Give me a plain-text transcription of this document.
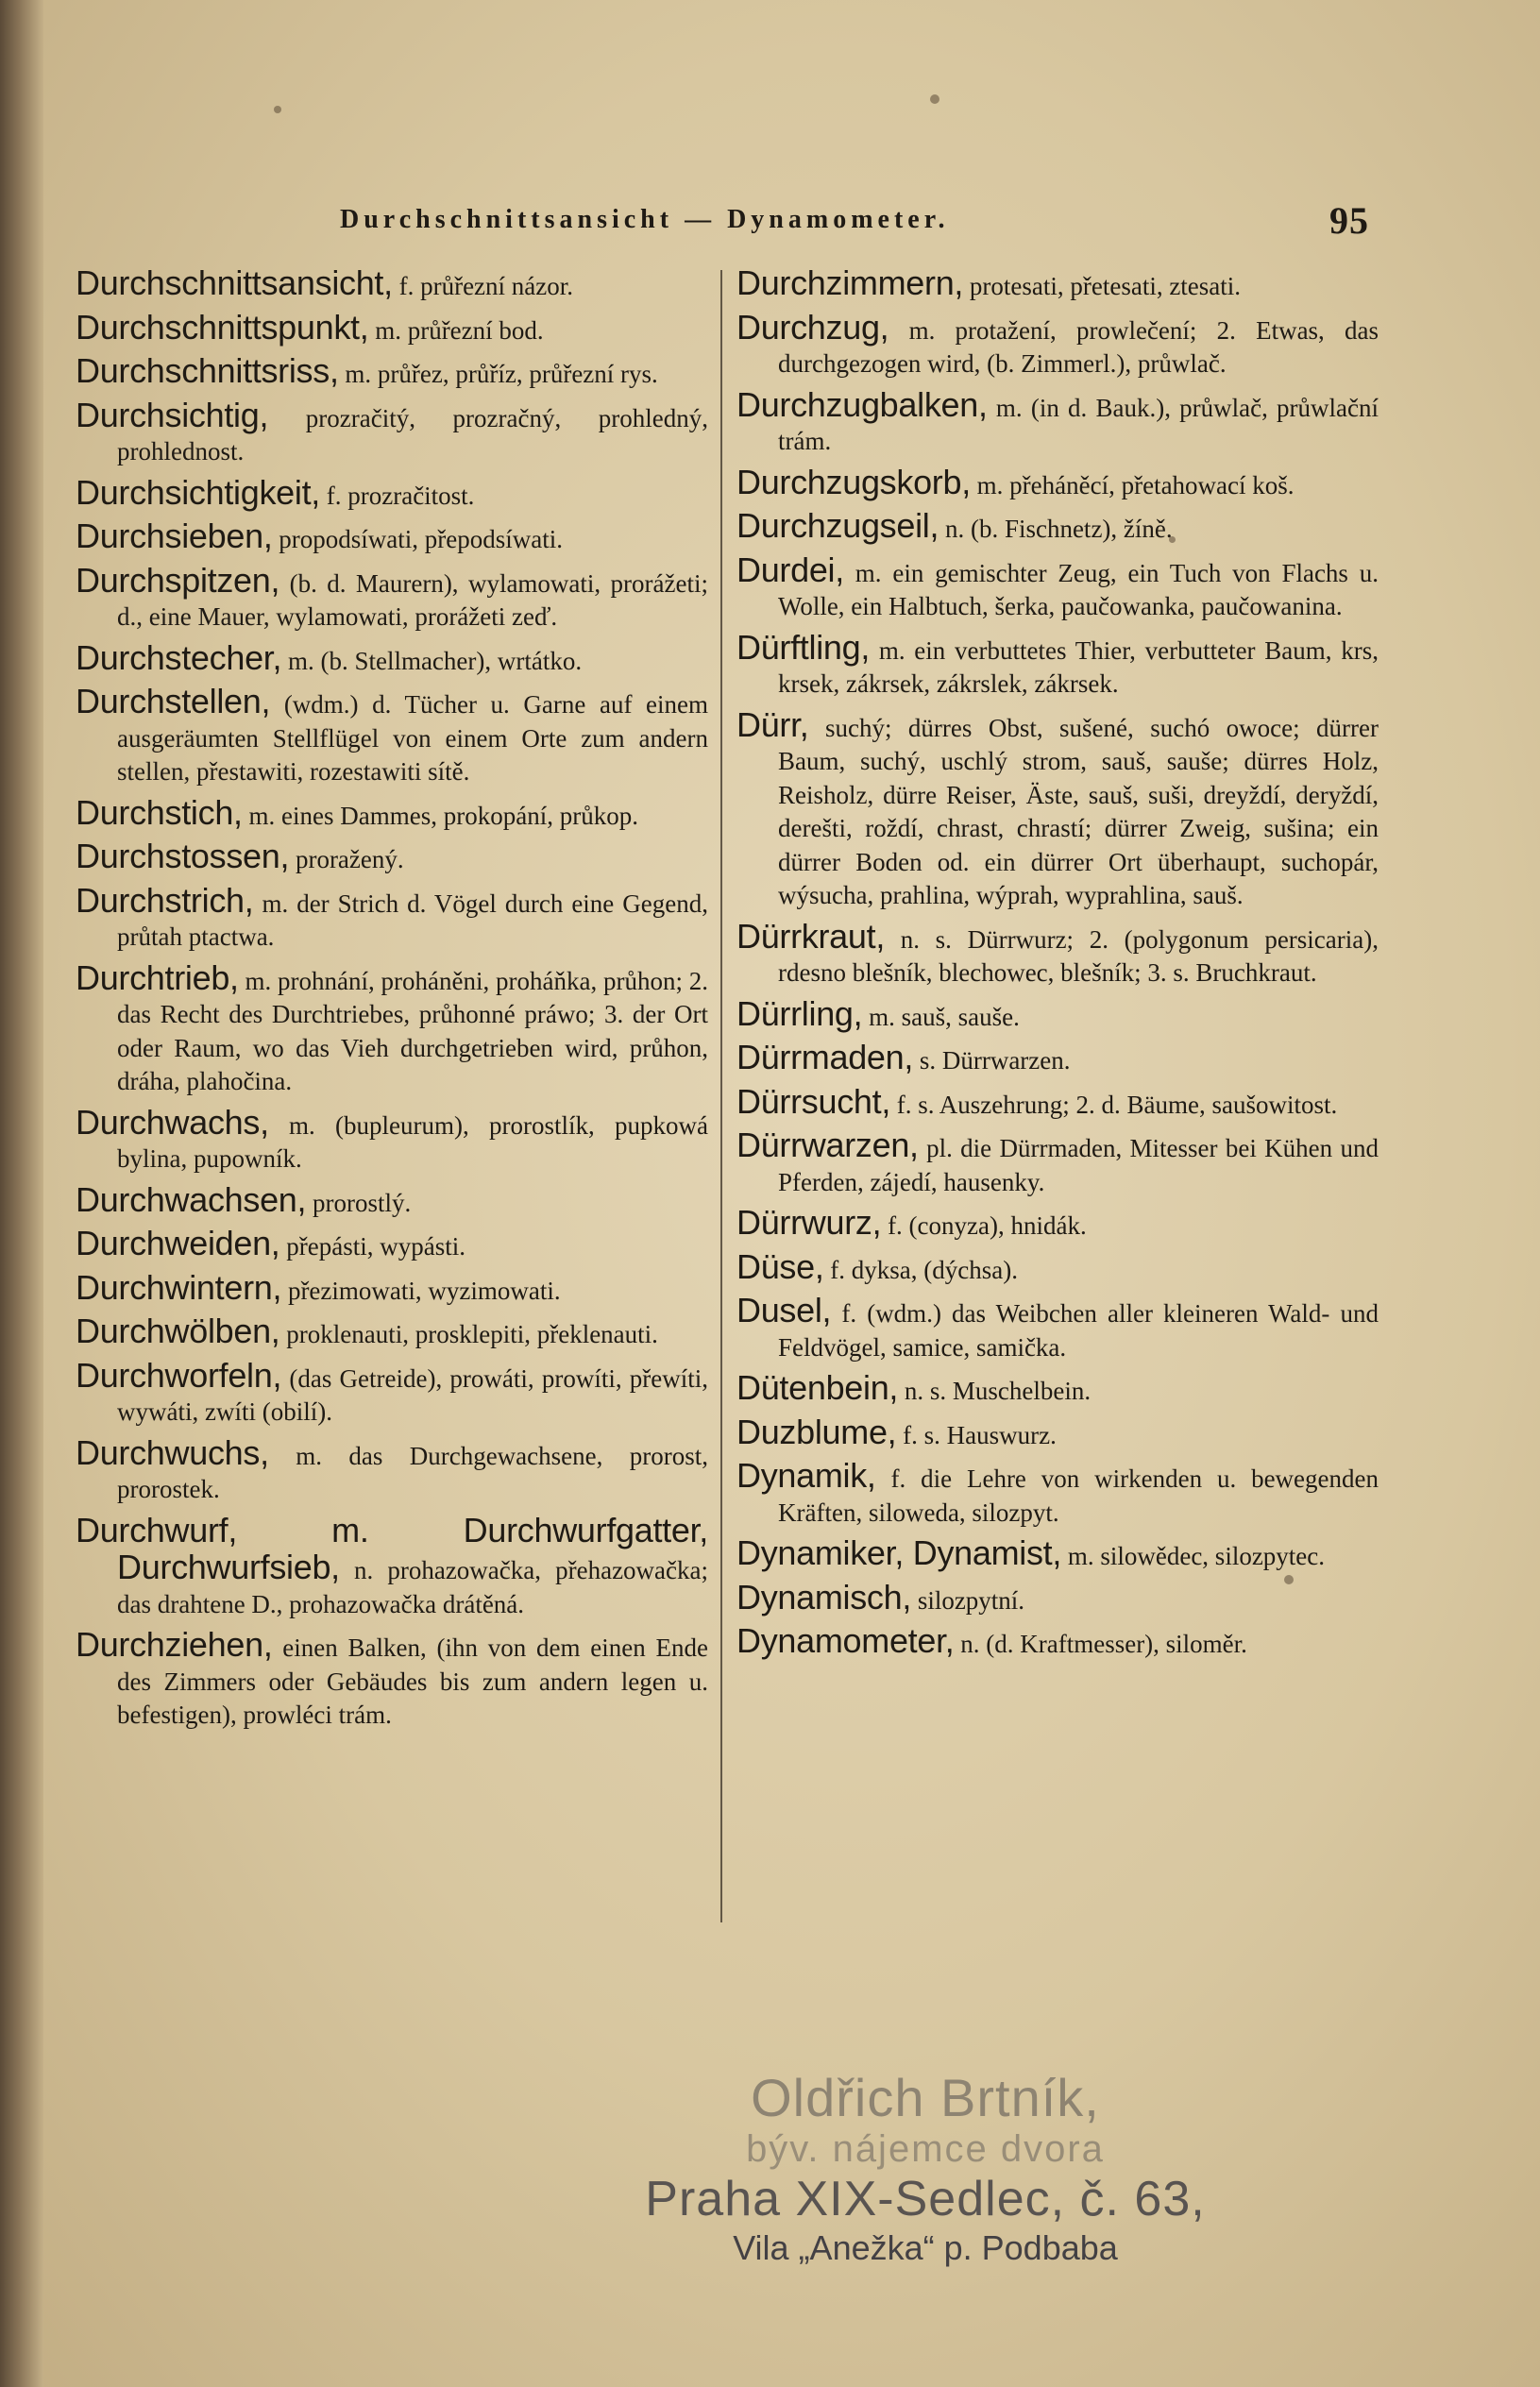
Durchschnittsansicht — Dynamometer.	95
Durchschnittsansicht, f. průřezní názor.
Durchschnittspunkt, m. průřezní bod.
Durchschnittsriss, m. průřez, průříz, průřezní rys.
Durchsichtig, prozračitý, prozračný, prohledný, prohlednost.
Durchsichtigkeit, f. prozračitost.
Durchsieben, propodsíwati, přepodsíwati.
Durchspitzen, (b. d. Maurern), wylamowati, prorážeti; d., eine Mauer, wylamowati, prorážeti zeď.
Durchstecher, m. (b. Stellmacher), wrtátko.
Durchstellen, (wdm.) d. Tücher u. Garne auf einem ausgeräumten Stellflügel von einem Orte zum andern stellen, přestawiti, rozestawiti sítě.
Durchstich, m. eines Dammes, prokopání, průkop.
Durchstossen, proražený.
Durchstrich, m. der Strich d. Vögel durch eine Gegend, průtah ptactwa.
Durchtrieb, m. prohnání, proháněni, proháňka, průhon; 2. das Recht des Durchtriebes, průhonné práwo; 3. der Ort oder Raum, wo das Vieh durchgetrieben wird, průhon, dráha, plahočina.
Durchwachs, m. (bupleurum), prorostlík, pupkowá bylina, pupowník.
Durchwachsen, prorostlý.
Durchweiden, přepásti, wypásti.
Durchwintern, přezimowati, wyzimowati.
Durchwölben, proklenauti, prosklepiti, překlenauti.
Durchworfeln, (das Getreide), prowáti, prowíti, přewíti, wywáti, zwíti (obilí).
Durchwuchs, m. das Durchgewachsene, prorost, prorostek.
Durchwurf, m. Durchwurfgatter, Durchwurfsieb, n. prohazowačka, přehazowačka; das drahtene D., prohazowačka drátěná.
Durchziehen, einen Balken, (ihn von dem einen Ende des Zimmers oder Gebäudes bis zum andern legen u. befestigen), prowléci trám.
Durchzimmern, protesati, přetesati, ztesati.
Durchzug, m. protažení, prowlečení; 2. Etwas, das durchgezogen wird, (b. Zimmerl.), průwlač.
Durchzugbalken, m. (in d. Bauk.), průwlač, průwlační trám.
Durchzugskorb, m. přeháněcí, přetahowací koš.
Durchzugseil, n. (b. Fischnetz), žíně.
Durdei, m. ein gemischter Zeug, ein Tuch von Flachs u. Wolle, ein Halbtuch, šerka, paučowanka, paučowanina.
Dürftling, m. ein verbuttetes Thier, verbutteter Baum, krs, krsek, zákrsek, zákrslek, zákrsek.
Dürr, suchý; dürres Obst, sušené, suchó owoce; dürrer Baum, suchý, uschlý strom, sauš, sauše; dürres Holz, Reisholz, dürre Reiser, Äste, sauš, suši, dreyždí, deryždí, derešti, roždí, chrast, chrastí; dürrer Zweig, sušina; ein dürrer Boden od. ein dürrer Ort überhaupt, suchopár, wýsucha, prahlina, wýprah, wyprahlina, sauš.
Dürrkraut, n. s. Dürrwurz; 2. (polygonum persicaria), rdesno blešník, blechowec, blešník; 3. s. Bruchkraut.
Dürrling, m. sauš, sauše.
Dürrmaden, s. Dürrwarzen.
Dürrsucht, f. s. Auszehrung; 2. d. Bäume, saušowitost.
Dürrwarzen, pl. die Dürrmaden, Mitesser bei Kühen und Pferden, zájedí, hausenky.
Dürrwurz, f. (conyza), hnidák.
Düse, f. dyksa, (dýchsa).
Dusel, f. (wdm.) das Weibchen aller kleineren Wald- und Feldvögel, samice, samička.
Dütenbein, n. s. Muschelbein.
Duzblume, f. s. Hauswurz.
Dynamik, f. die Lehre von wirkenden u. bewegenden Kräften, siloweda, silozpyt.
Dynamiker, Dynamist, m. silowědec, silozpytec.
Dynamisch, silozpytní.
Dynamometer, n. (d. Kraftmesser), siloměr.
Oldřich Brtník,
býv. nájemce dvora
Praha XIX-Sedlec, č. 63,
Vila „Anežka“ p. Podbaba
